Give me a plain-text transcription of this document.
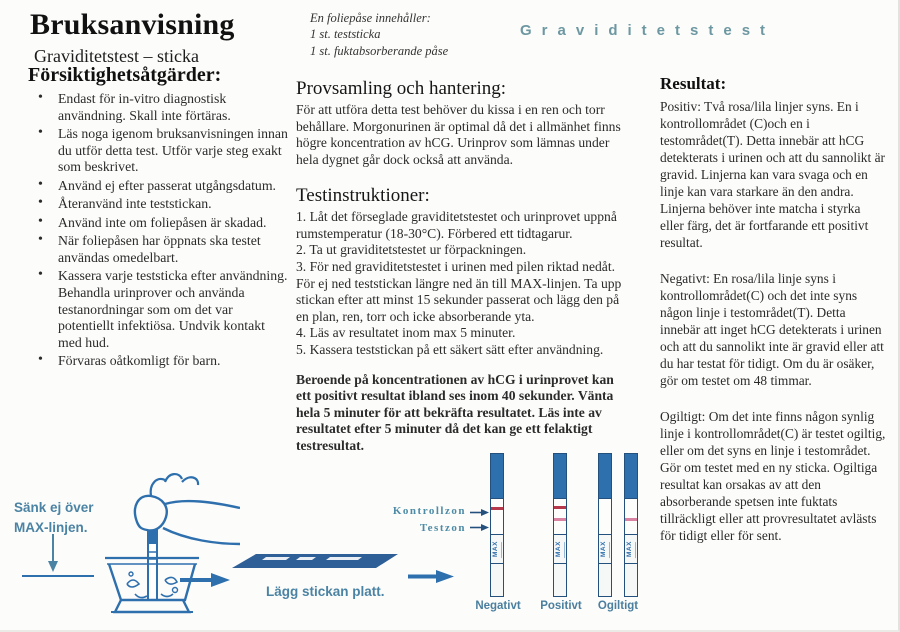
Bruksanvisning
Graviditetstest – sticka
En foliepåse innehåller:
1 st. teststicka
1 st. fuktabsorberande påse
Graviditetstest
Försiktighetsåtgärder:
• Endast för in-vitro diagnostisk användning. Skall inte förtäras.
• Läs noga igenom bruksanvisningen innan du utför detta test. Utför varje steg exakt som beskrivet.
• Använd ej efter passerat utgångsdatum.
• Återanvänd inte teststickan.
• Använd inte om foliepåsen är skadad.
• När foliepåsen har öppnats ska testet användas omedelbart.
• Kassera varje teststicka efter användning. Behandla urinprover och använda testanordningar som om det var potentiellt infektiösa. Undvik kontakt med hud.
• Förvaras oåtkomligt för barn.
Provsamling och hantering:

För att utföra detta test behöver du kissa i en ren och torr behållare. Morgonurinen är optimal då det i allmänhet finns högre koncentration av hCG. Urinprov som lämnas under hela dygnet går dock också att använda.

Testinstruktioner:
1. Låt det förseglade graviditetstestet och urinprovet uppnå rumstemperatur (18-30°C). Förbered ett tidtagarur.
2. Ta ut graviditetstestet ur förpackningen.
3. För ned graviditetstestet i urinen med pilen riktad nedåt. För ej ned teststickan längre ned än till MAX-linjen. Ta upp stickan efter att minst 15 sekunder passerat och lägg den på en plan, ren, torr och icke absorberande yta.
4. Läs av resultatet inom max 5 minuter.
5. Kassera teststickan på ett säkert sätt efter användning.

Beroende på koncentrationen av hCG i urinprovet kan ett positivt resultat ibland ses inom 40 sekunder. Vänta hela 5 minuter för att bekräfta resultatet. Läs inte av resultatet efter 5 minuter då det kan ge ett felaktigt testresultat.

Resultat:

Positiv: Två rosa/lila linjer syns. En i kontrollområdet (C)och en i testområdet(T). Detta innebär att hCG detekterats i urinen och att du sannolikt är gravid. Linjerna kan vara svaga och en linje kan vara starkare än den andra. Linjerna behöver inte matcha i styrka eller färg, det är fortfarande ett positivt resultat.

Negativt: En rosa/lila linje syns i kontrollområdet(C) och det inte syns någon linje i testområdet(T). Detta innebär att inget hCG detekterats i urinen och att du sannolikt inte är gravid eller att du har testat för tidigt. Om du är osäker, gör om testet om 48 timmar.

Ogiltigt: Om det inte finns någon synlig linje i kontrollområdet(C) är testet ogiltig, eller om det syns en linje i testområdet. Gör om testet med en ny sticka. Ogiltiga resultat kan orsakas av att den absorberande spetsen inte fuktats tillräckligt eller att provresultatet avlästs för tidigt eller för sent.

Sänk ej över
MAX-linjen.
Lägg stickan platt.
Kontrollzon
Testzon
MAX	MAX	MAX	MAX
Negativt	Positivt	Ogiltigt
